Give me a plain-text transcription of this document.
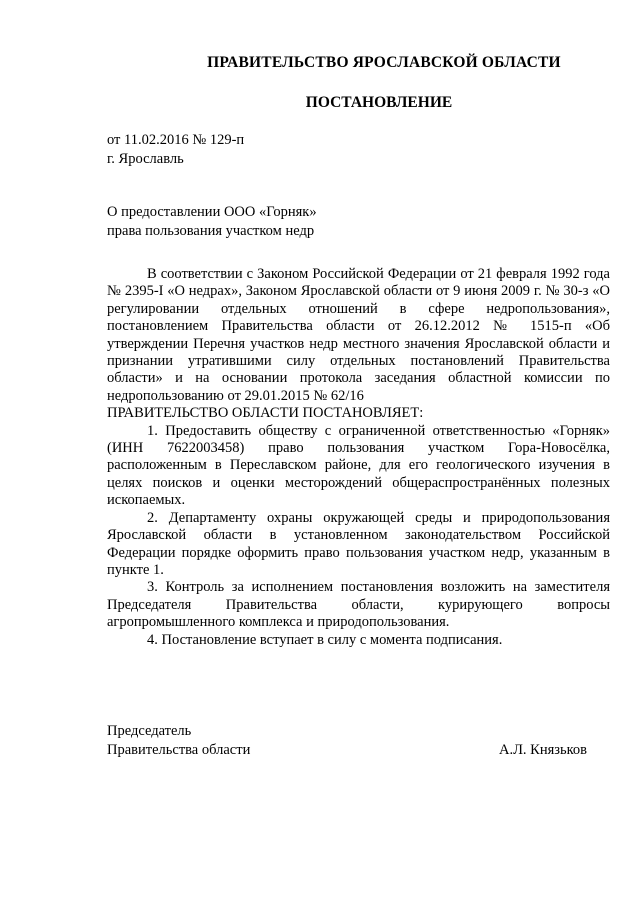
ПРАВИТЕЛЬСТВО ЯРОСЛАВСКОЙ ОБЛАСТИ
ПОСТАНОВЛЕНИЕ
от 11.02.2016 № 129-п
г. Ярославль
О предоставлении ООО «Горняк»
права пользования участком недр

В соответствии с Законом Российской Федерации от 21 февраля 1992 года № 2395-I «О недрах», Законом Ярославской области от 9 июня 2009 г. № 30-з «О регулировании отдельных отношений в сфере недропользования», постановлением Правительства области от 26.12.2012 № 1515-п «Об утверждении Перечня участков недр местного значения Ярославской области и признании утратившими силу отдельных постановлений Правительства области» и на основании протокола заседания областной комиссии по недропользованию от 29.01.2015 № 62/16

ПРАВИТЕЛЬСТВО ОБЛАСТИ ПОСТАНОВЛЯЕТ:

1. Предоставить обществу с ограниченной ответственностью «Горняк» (ИНН 7622003458) право пользования участком Гора-Новосёлка, расположенным в Переславском районе, для его геологического изучения в целях поисков и оценки месторождений общераспространённых полезных ископаемых.

2. Департаменту охраны окружающей среды и природопользования Ярославской области в установленном законодательством Российской Федерации порядке оформить право пользования участком недр, указанным в пункте 1.

3. Контроль за исполнением постановления возложить на заместителя Председателя Правительства области, курирующего вопросы агропромышленного комплекса и природопользования.

4. Постановление вступает в силу с момента подписания.

Председатель
Правительства области	А.Л. Князьков
